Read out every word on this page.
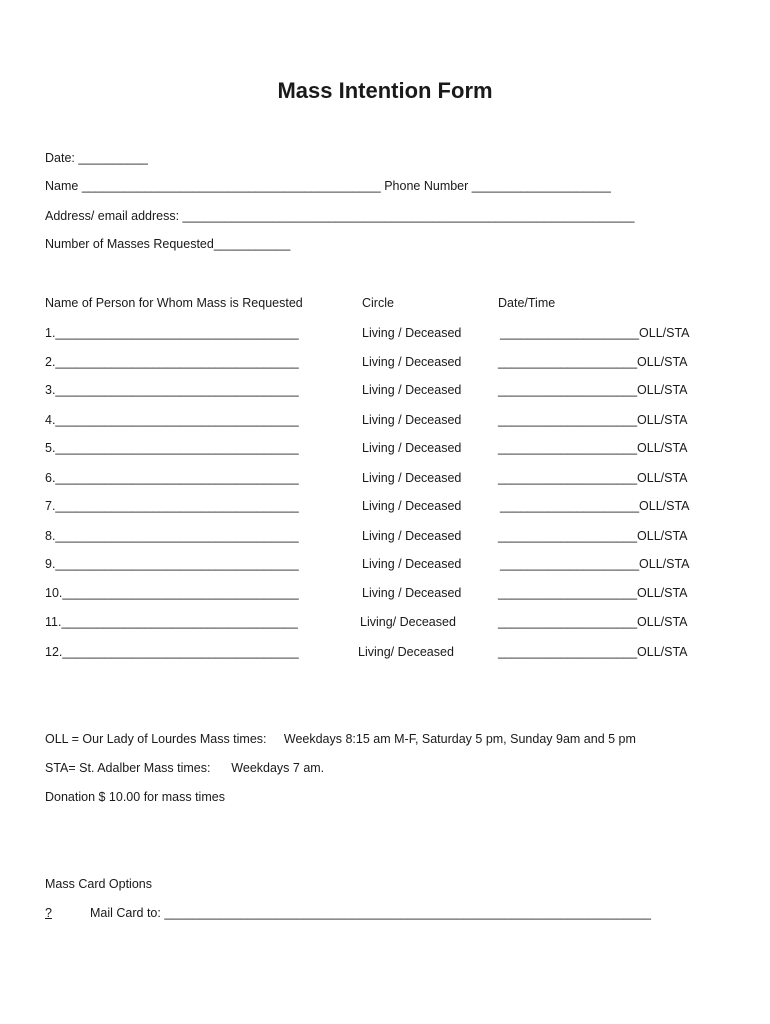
Mass Intention Form
Date: __________
Name ___________________________________________ Phone Number ____________________
Address/ email address: _________________________________________________________________
Number of Masses Requested___________
Name of Person for Whom Mass is Requested	Circle	Date/Time
1.___________________________________	Living / Deceased	____________________OLL/STA
2.___________________________________	Living / Deceased	____________________OLL/STA
3.___________________________________	Living / Deceased	____________________OLL/STA
4.___________________________________	Living / Deceased	____________________OLL/STA
5.___________________________________	Living / Deceased	____________________OLL/STA
6.___________________________________	Living / Deceased	____________________OLL/STA
7.___________________________________	Living / Deceased	____________________OLL/STA
8.___________________________________	Living / Deceased	____________________OLL/STA
9.___________________________________	Living / Deceased	____________________OLL/STA
10.__________________________________	Living / Deceased	____________________OLL/STA
11.__________________________________	Living/ Deceased	____________________OLL/STA
12.__________________________________	Living/ Deceased	____________________OLL/STA
OLL = Our Lady of Lourdes Mass times:     Weekdays 8:15 am M-F, Saturday 5 pm, Sunday 9am and 5 pm
STA= St. Adalber Mass times:      Weekdays 7 am.
Donation $ 10.00 for mass times
Mass Card Options
?	Mail Card to: ______________________________________________________________________
